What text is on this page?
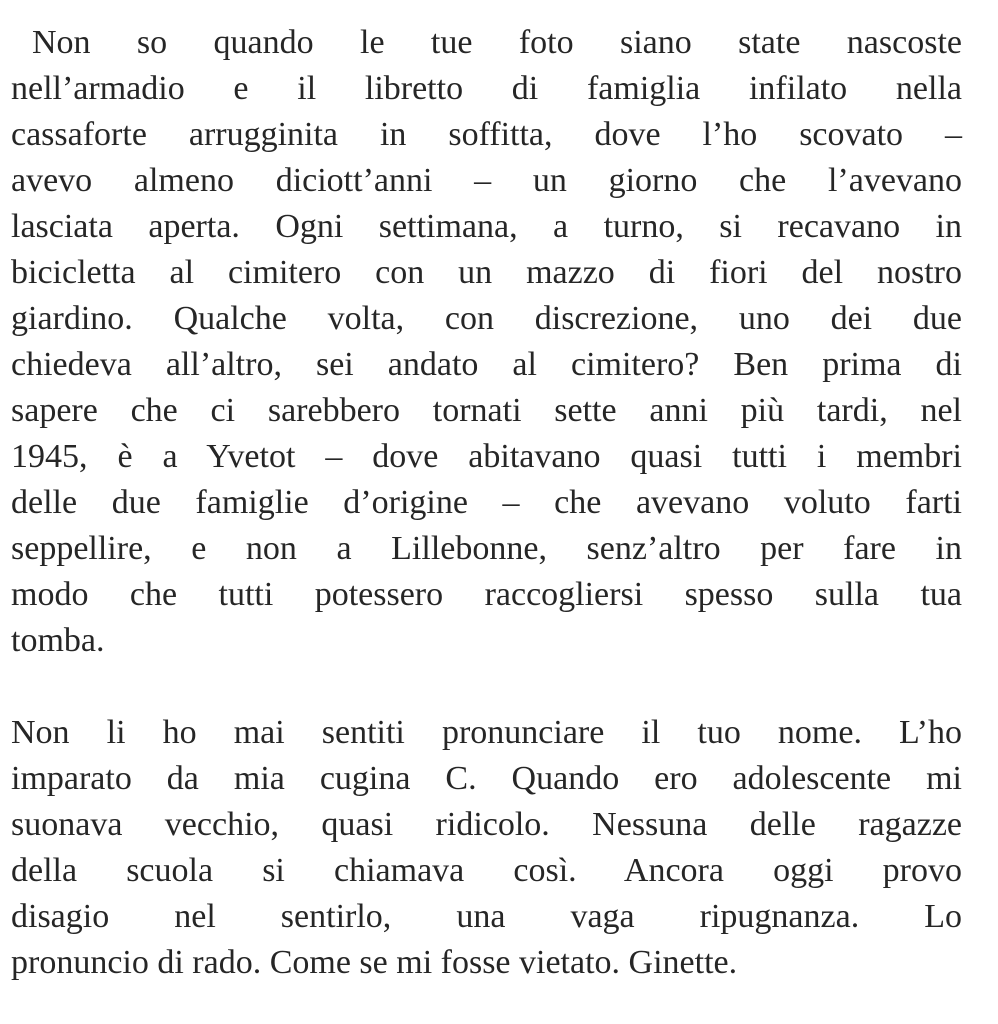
Non so quando le tue foto siano state nascoste
nell’armadio e il libretto di famiglia infilato nella
cassaforte arrugginita in soffitta, dove l’ho scovato –
avevo almeno diciott’anni – un giorno che l’avevano
lasciata aperta. Ogni settimana, a turno, si recavano in
bicicletta al cimitero con un mazzo di fiori del nostro
giardino. Qualche volta, con discrezione, uno dei due
chiedeva all’altro, sei andato al cimitero? Ben prima di
sapere che ci sarebbero tornati sette anni più tardi, nel
1945, è a Yvetot – dove abitavano quasi tutti i membri
delle due famiglie d’origine – che avevano voluto farti
seppellire, e non a Lillebonne, senz’altro per fare in
modo che tutti potessero raccogliersi spesso sulla tua
tomba.
Non li ho mai sentiti pronunciare il tuo nome. L’ho
imparato da mia cugina C. Quando ero adolescente mi
suonava vecchio, quasi ridicolo. Nessuna delle ragazze
della scuola si chiamava così. Ancora oggi provo
disagio nel sentirlo, una vaga ripugnanza. Lo
pronuncio di rado. Come se mi fosse vietato. Ginette.
